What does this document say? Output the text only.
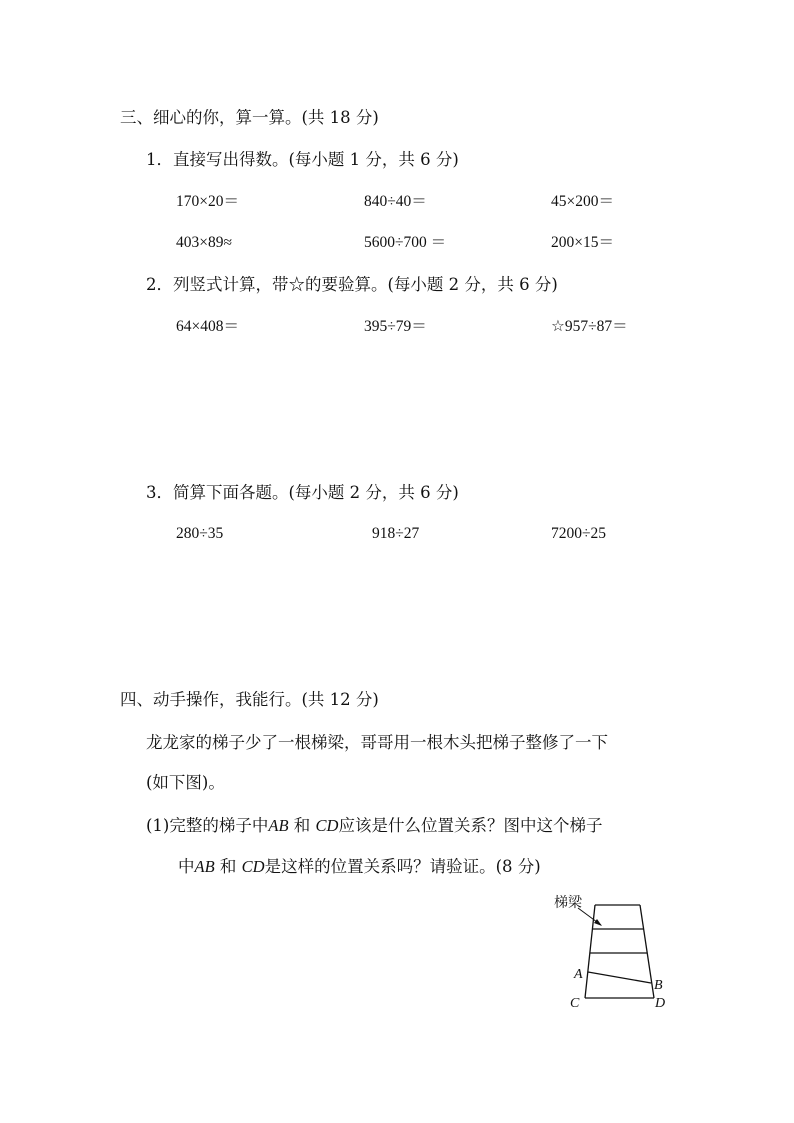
三、细心的你，算一算。(共 18 分)
1．直接写出得数。(每小题 1 分，共 6 分)
170×20＝	840÷40＝	45×200＝
403×89≈	5600÷700 ＝	200×15＝
2．列竖式计算，带☆的要验算。(每小题 2 分，共 6 分)
64×408＝	395÷79＝	☆957÷87＝
3．简算下面各题。(每小题 2 分，共 6 分)
280÷35	918÷27	7200÷25
四、动手操作，我能行。(共 12 分)
龙龙家的梯子少了一根梯梁，哥哥用一根木头把梯子整修了一下
(如下图)。
(1)完整的梯子中AB 和 CD应该是什么位置关系？图中这个梯子
中AB 和 CD是这样的位置关系吗？请验证。(8 分)
梯梁
A
B
C	D
